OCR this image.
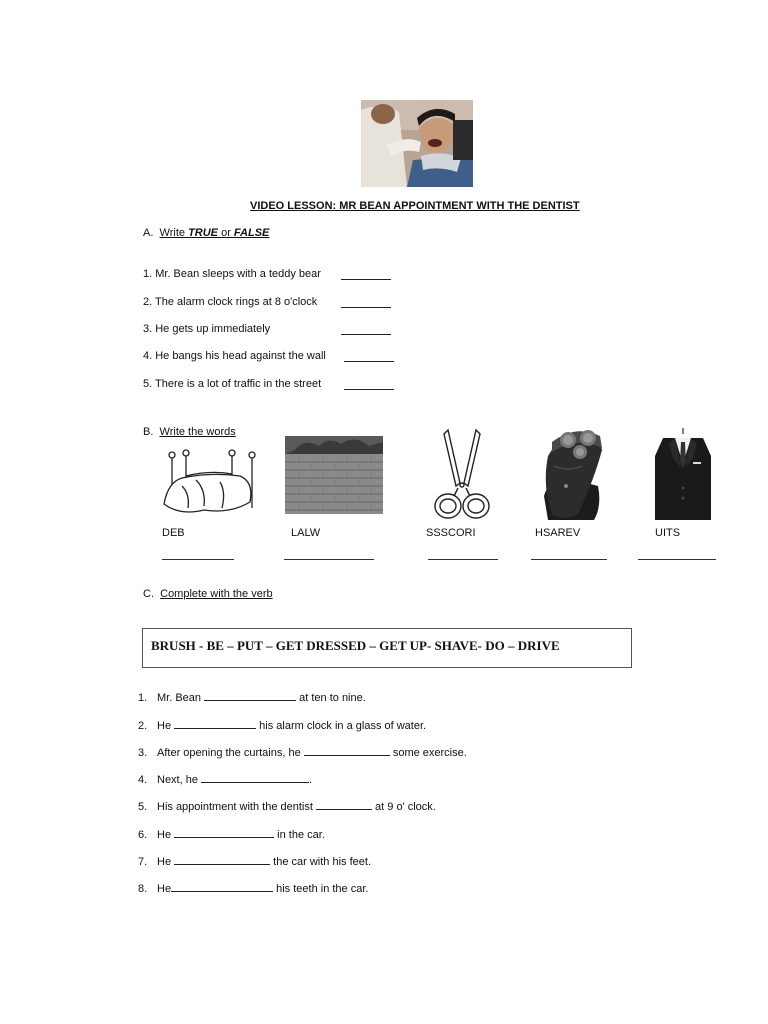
VIDEO LESSON: MR BEAN APPOINTMENT WITH THE DENTIST
A. Write TRUE or FALSE
1. Mr. Bean sleeps with a teddy bear
2. The alarm clock rings at 8 o'clock
3. He gets up immediately
4. He bangs his head against the wall
5. There is a lot of traffic in the street
B. Write the words
DEB	LALW	SSSCORI	HSAREV	UITS
C. Complete with the verb
BRUSH - BE – PUT – GET DRESSED – GET UP- SHAVE- DO – DRIVE
1. Mr. Bean	at ten to nine.
2. He	his alarm clock in a glass of water.
3. After opening the curtains, he	some exercise.
4. Next, he	.
5. His appointment with the dentist	at 9 o' clock.
6. He	in the car.
7. He	the car with his feet.
8. He	his teeth in the car.
